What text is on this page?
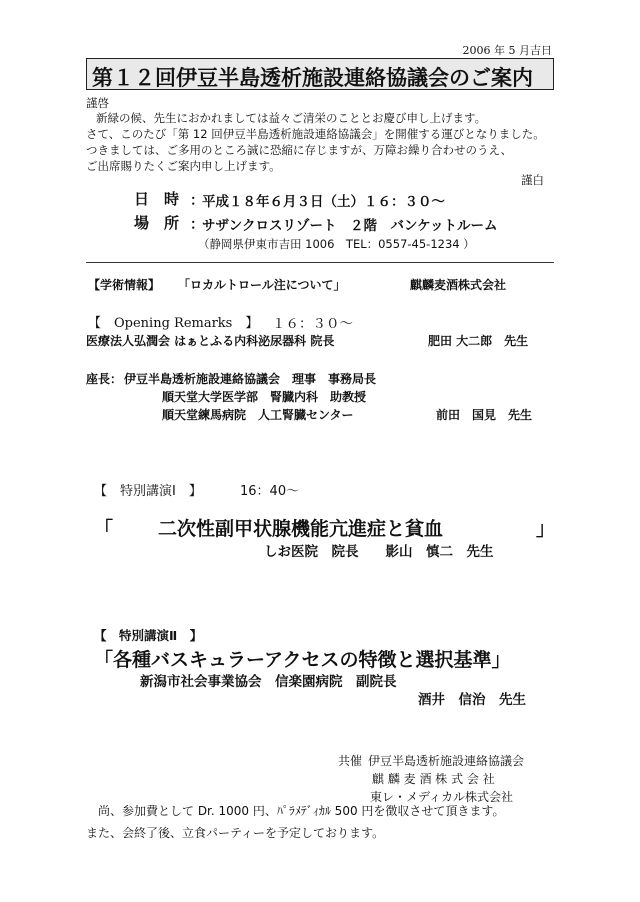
2006 年 5 月吉日
第１２回伊豆半島透析施設連絡協議会のご案内
謹啓
新緑の候、先生におかれましては益々ご清栄のこととお慶び申し上げます。
さて、このたび「第 12 回伊豆半島透析施設連絡協議会」を開催する運びとなりました。
つきましては、ご多用のところ誠に恐縮に存じますが、万障お繰り合わせのうえ、
ご出席賜りたくご案内申し上げます。
謹白
日　時 ：
平成１８年６月３日（土）１６：３０〜
場　所 ：
サザンクロスリゾート　２階　バンケットルーム
（静岡県伊東市吉田 1006　TEL：0557-45-1234 ）
【学術情報】 「ロカルトロール注について」	麒麟麦酒株式会社
【　Opening Remarks　】 １６：３０〜
医療法人弘潤会 はぁとふる内科泌尿器科 院長	肥田 大二郎　先生
座長： 伊豆半島透析施設連絡協議会　理事　事務局長
順天堂大学医学部　腎臓内科　助教授
順天堂練馬病院　人工腎臓センター	前田　国見　先生
【　特別講演Ⅰ　】	16：40〜
「 二次性副甲状腺機能亢進症と貧血	」
しお医院　院長　　影山　慎二　先生
【　特別講演Ⅱ　】
「各種バスキュラーアクセスの特徴と選択基準」
新潟市社会事業協会　信楽園病院　副院長
酒井　信治　先生
共催 伊豆半島透析施設連絡協議会
麒 麟 麦 酒 株 式 会 社
東レ・メディカル株式会社
尚、参加費として Dr. 1000 円、ﾊﾟﾗﾒﾃﾞｨｶﾙ 500 円を徴収させて頂きます。
また、会終了後、立食パーティーを予定しております。
